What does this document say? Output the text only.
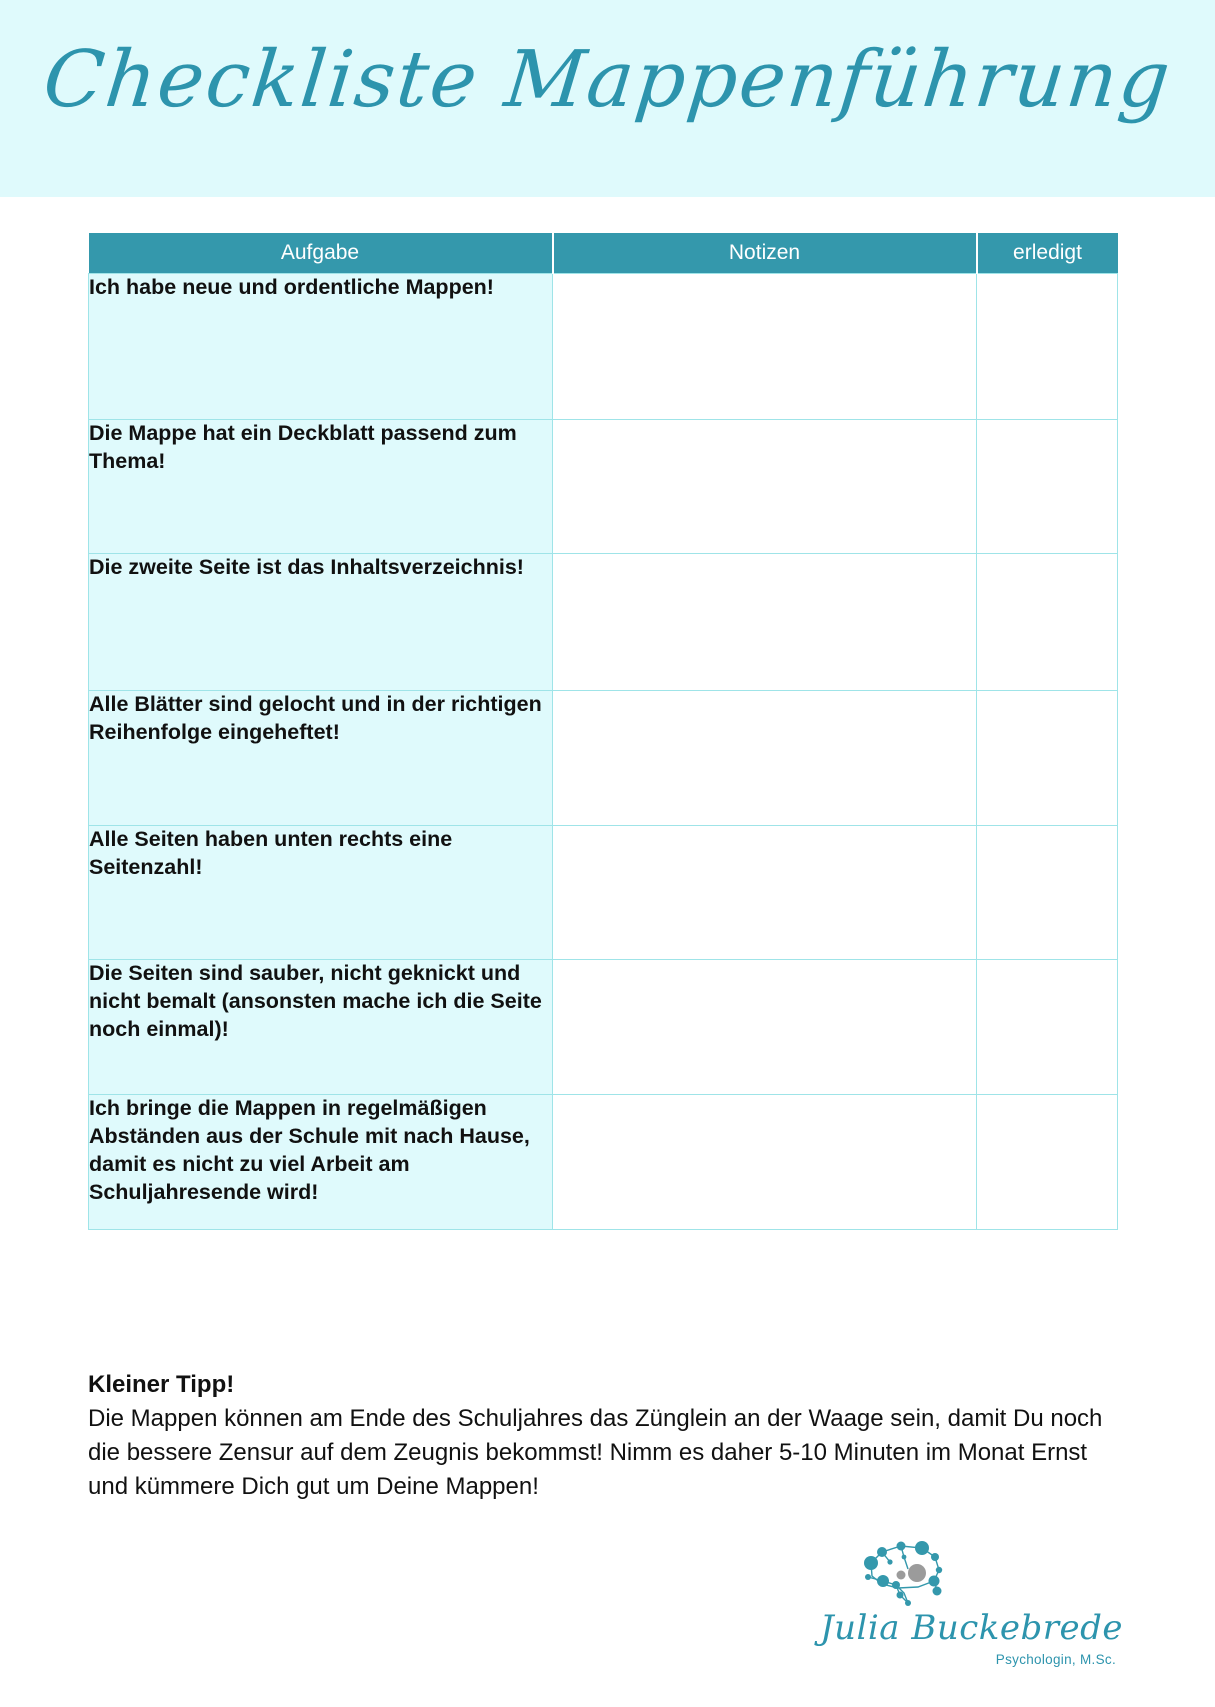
Checkliste Mappenführung
Aufgabe	Notizen	erledigt
Ich habe neue und ordentliche Mappen!		
Die Mappe hat ein Deckblatt passend zum Thema!		
Die zweite Seite ist das Inhaltsverzeichnis!		
Alle Blätter sind gelocht und in der richtigen Reihenfolge eingeheftet!		
Alle Seiten haben unten rechts eine Seitenzahl!		
Die Seiten sind sauber, nicht geknickt und nicht bemalt (ansonsten mache ich die Seite noch einmal)!		
Ich bringe die Mappen in regelmäßigen Abständen aus der Schule mit nach Hause, damit es nicht zu viel Arbeit am Schuljahresende wird!		
Kleiner Tipp!
Die Mappen können am Ende des Schuljahres das Zünglein an der Waage sein, damit Du noch die bessere Zensur auf dem Zeugnis bekommst! Nimm es daher 5-10 Minuten im Monat Ernst und kümmere Dich gut um Deine Mappen!
Julia Buckebrede
Psychologin, M.Sc.
